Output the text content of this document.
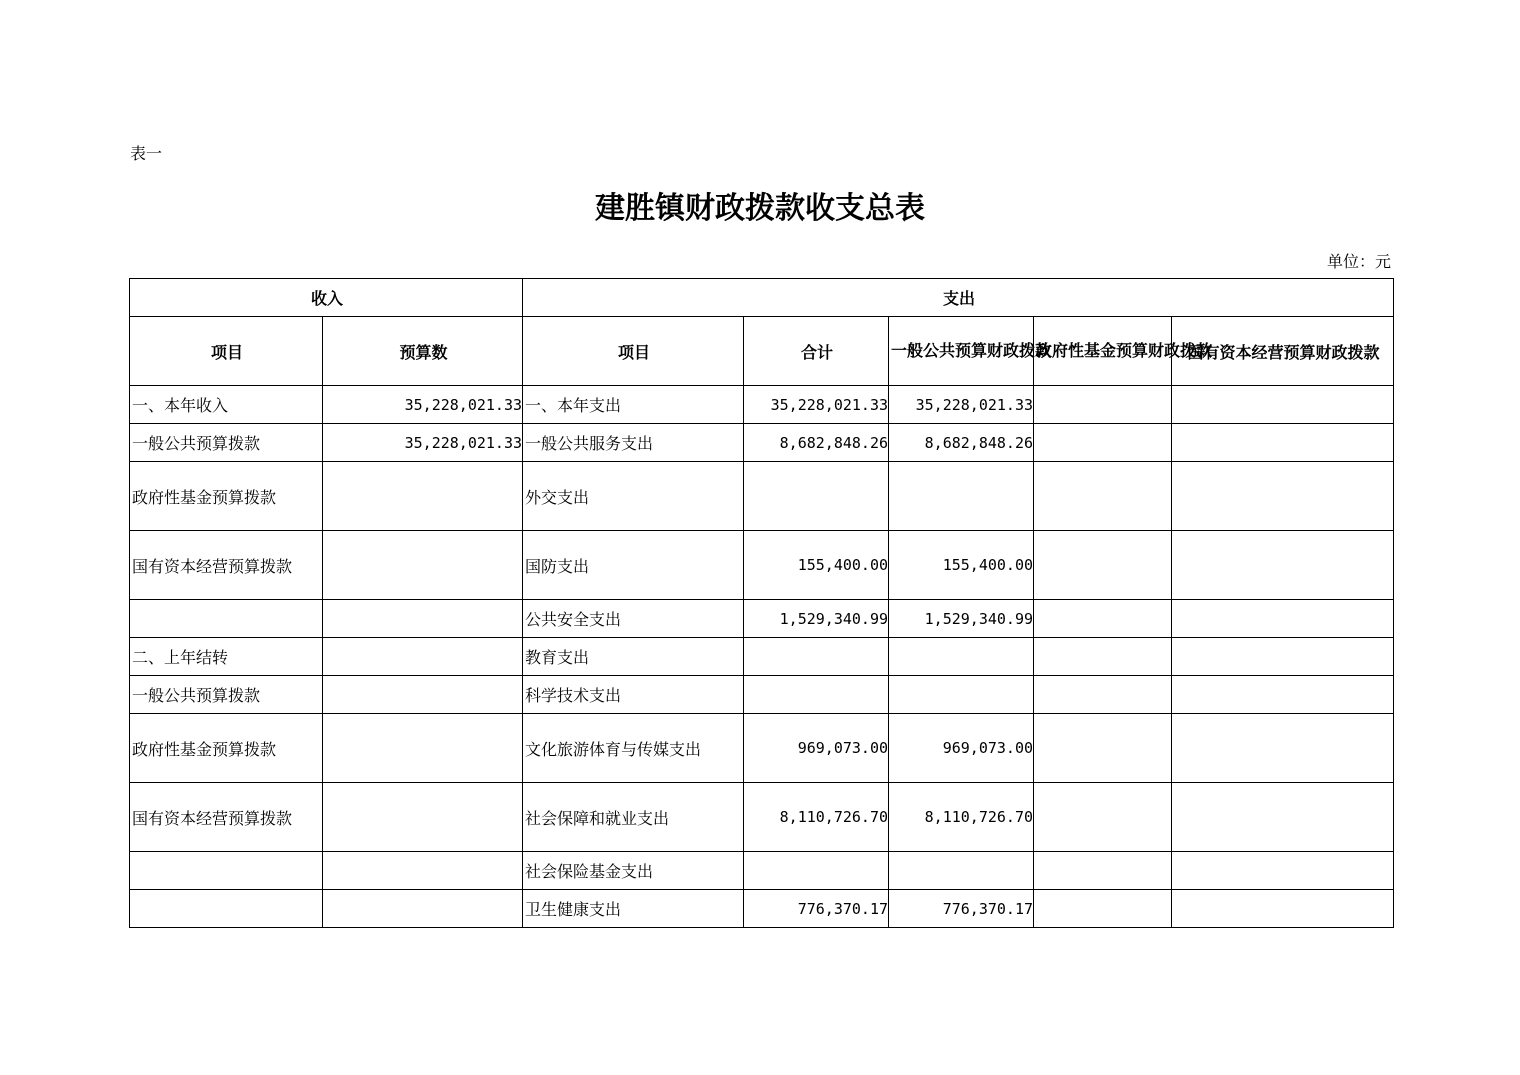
表一
建胜镇财政拨款收支总表
单位：元
收入		支出				
项目	预算数	项目	合计	一般公共预算财政拨款	政府性基金预算财政拨款	国有资本经营预算财政拨款
一、本年收入	35,228,021.33	一、本年支出	35,228,021.33	35,228,021.33		
一般公共预算拨款	35,228,021.33	一般公共服务支出	8,682,848.26	8,682,848.26		
政府性基金预算拨款		外交支出				
国有资本经营预算拨款		国防支出	155,400.00	155,400.00		
		公共安全支出	1,529,340.99	1,529,340.99		
二、上年结转		教育支出				
一般公共预算拨款		科学技术支出				
政府性基金预算拨款		文化旅游体育与传媒支出	969,073.00	969,073.00		
国有资本经营预算拨款		社会保障和就业支出	8,110,726.70	8,110,726.70		
		社会保险基金支出				
		卫生健康支出	776,370.17	776,370.17		
